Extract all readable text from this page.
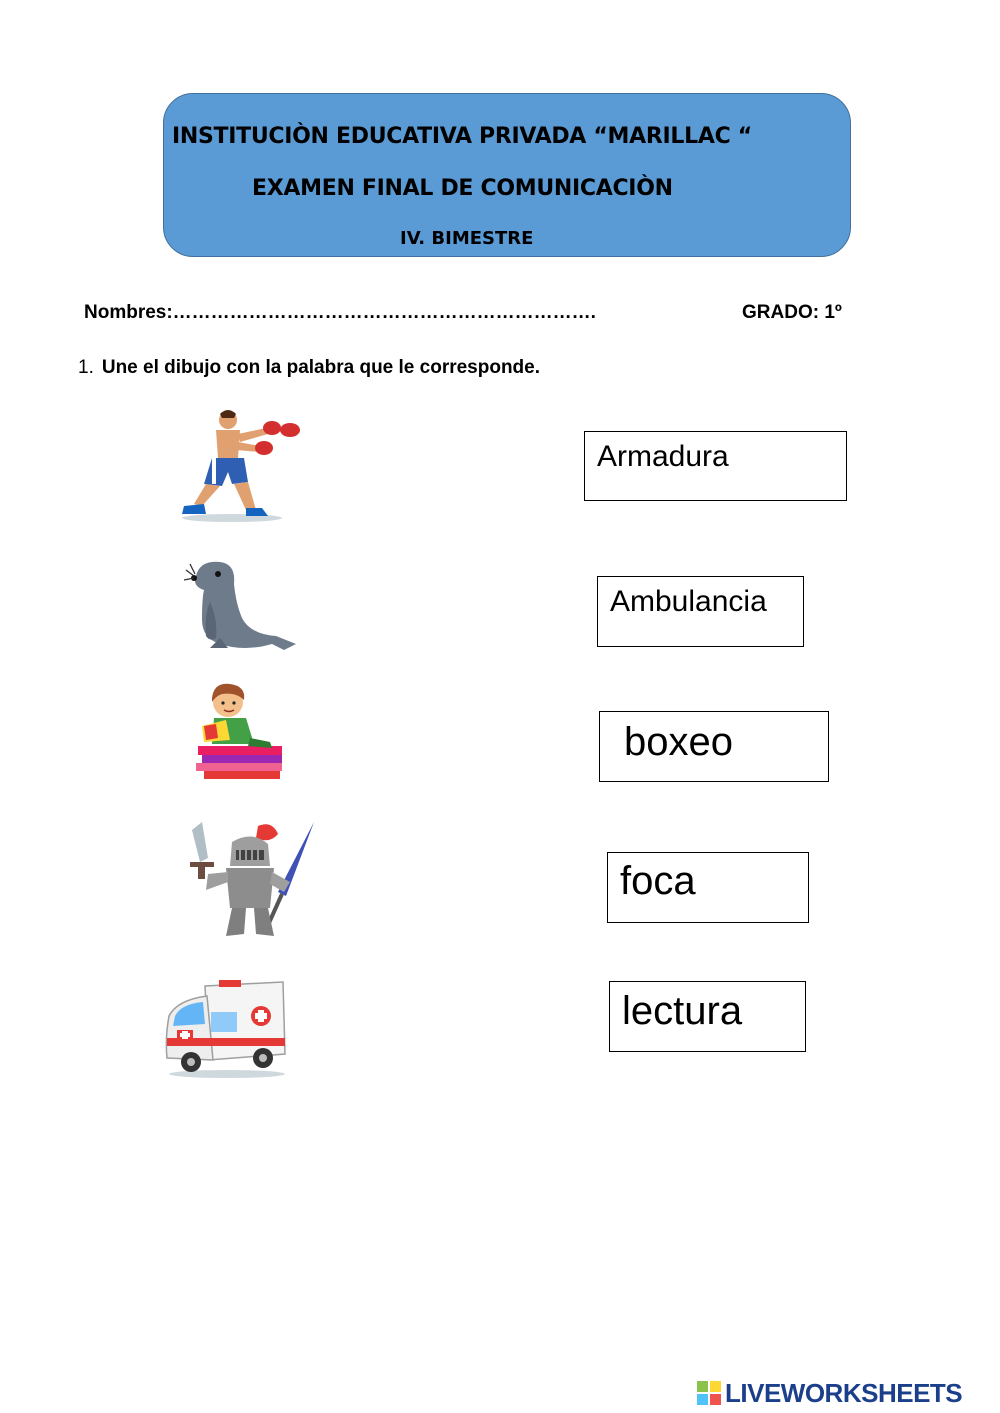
INSTITUCIÒN EDUCATIVA PRIVADA “MARILLAC “
EXAMEN FINAL DE COMUNICACIÒN
IV. BIMESTRE
Nombres:………………………………………………………….	GRADO: 1º
1. Une el dibujo con la palabra que le corresponde.
Armadura
Ambulancia
boxeo
foca
lectura
LIVEWORKSHEETS
